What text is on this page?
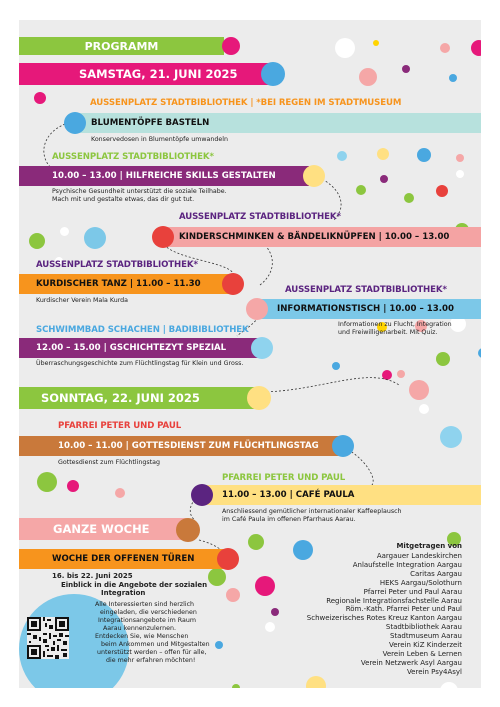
PROGRAMM
SAMSTAG, 21. JUNI 2025
AUSSENPLATZ STADTBIBLIOTHEK | *BEI REGEN IM STADTMUSEUM
BLUMENTÖPFE BASTELN
Konservedosen in Blumentöpfe umwandeln
AUSSENPLATZ STADTBIBLIOTHEK*
10.00 – 13.00 | HILFREICHE SKILLS GESTALTEN
Psychische Gesundheit unterstützt die soziale Teilhabe.
Mach mit und gestalte etwas, das dir gut tut.
AUSSENPLATZ STADTBIBLIOTHEK*
KINDERSCHMINKEN & BÄNDELIKNÜPFEN | 10.00 – 13.00
AUSSENPLATZ STADTBIBLIOTHEK*
KURDISCHER TANZ | 11.00 – 11.30
Kurdischer Verein Mala Kurda
AUSSENPLATZ STADTBIBLIOTHEK*
INFORMATIONSTISCH | 10.00 – 13.00
Informationen zu Flucht, Integration
und Freiwilligenarbeit. Mit Quiz.
SCHWIMMBAD SCHACHEN | BADIBIBLIOTHEK
12.00 – 15.00 | GSCHICHTEZYT SPEZIAL
Überraschungsgeschichte zum Flüchtlingstag für Klein und Gross.
SONNTAG, 22. JUNI 2025
PFARREI PETER UND PAUL
10.00 – 11.00 | GOTTESDIENST ZUM FLÜCHTLINGSTAG
Gottesdienst zum Flüchtlingstag
PFARREI PETER UND PAUL
11.00 – 13.00 | CAFÉ PAULA
Anschliessend gemütlicher internationaler Kaffeeplausch
im Café Paula im offenen Pfarrhaus Aarau.
GANZE WOCHE
WOCHE DER OFFENEN TÜREN
16. bis 22. Juni 2025
Einblick in die Angebote der sozialen
Integration
Alle Interessierten sind herzlich
eingeladen, die verschiedenen
Integrationsangebote im Raum
Aarau kennenzulernen.
Entdecken Sie, wie Menschen
beim Ankommen und Mitgestalten
unterstützt werden – offen für alle,
die mehr erfahren möchten!
Mitgetragen von
Aargauer Landeskirchen
Anlaufstelle Integration Aargau
Caritas Aargau
HEKS Aargau/Solothurn
Pfarrei Peter und Paul Aarau
Regionale Integrationsfachstelle Aarau
Röm.-Kath. Pfarrei Peter und Paul
Schweizerisches Rotes Kreuz Kanton Aargau
Stadtbibliothek Aarau
Stadtmuseum Aarau
Verein KiZ Kinderzeit
Verein Leben & Lernen
Verein Netzwerk Asyl Aargau
Verein Psy4Asyl
